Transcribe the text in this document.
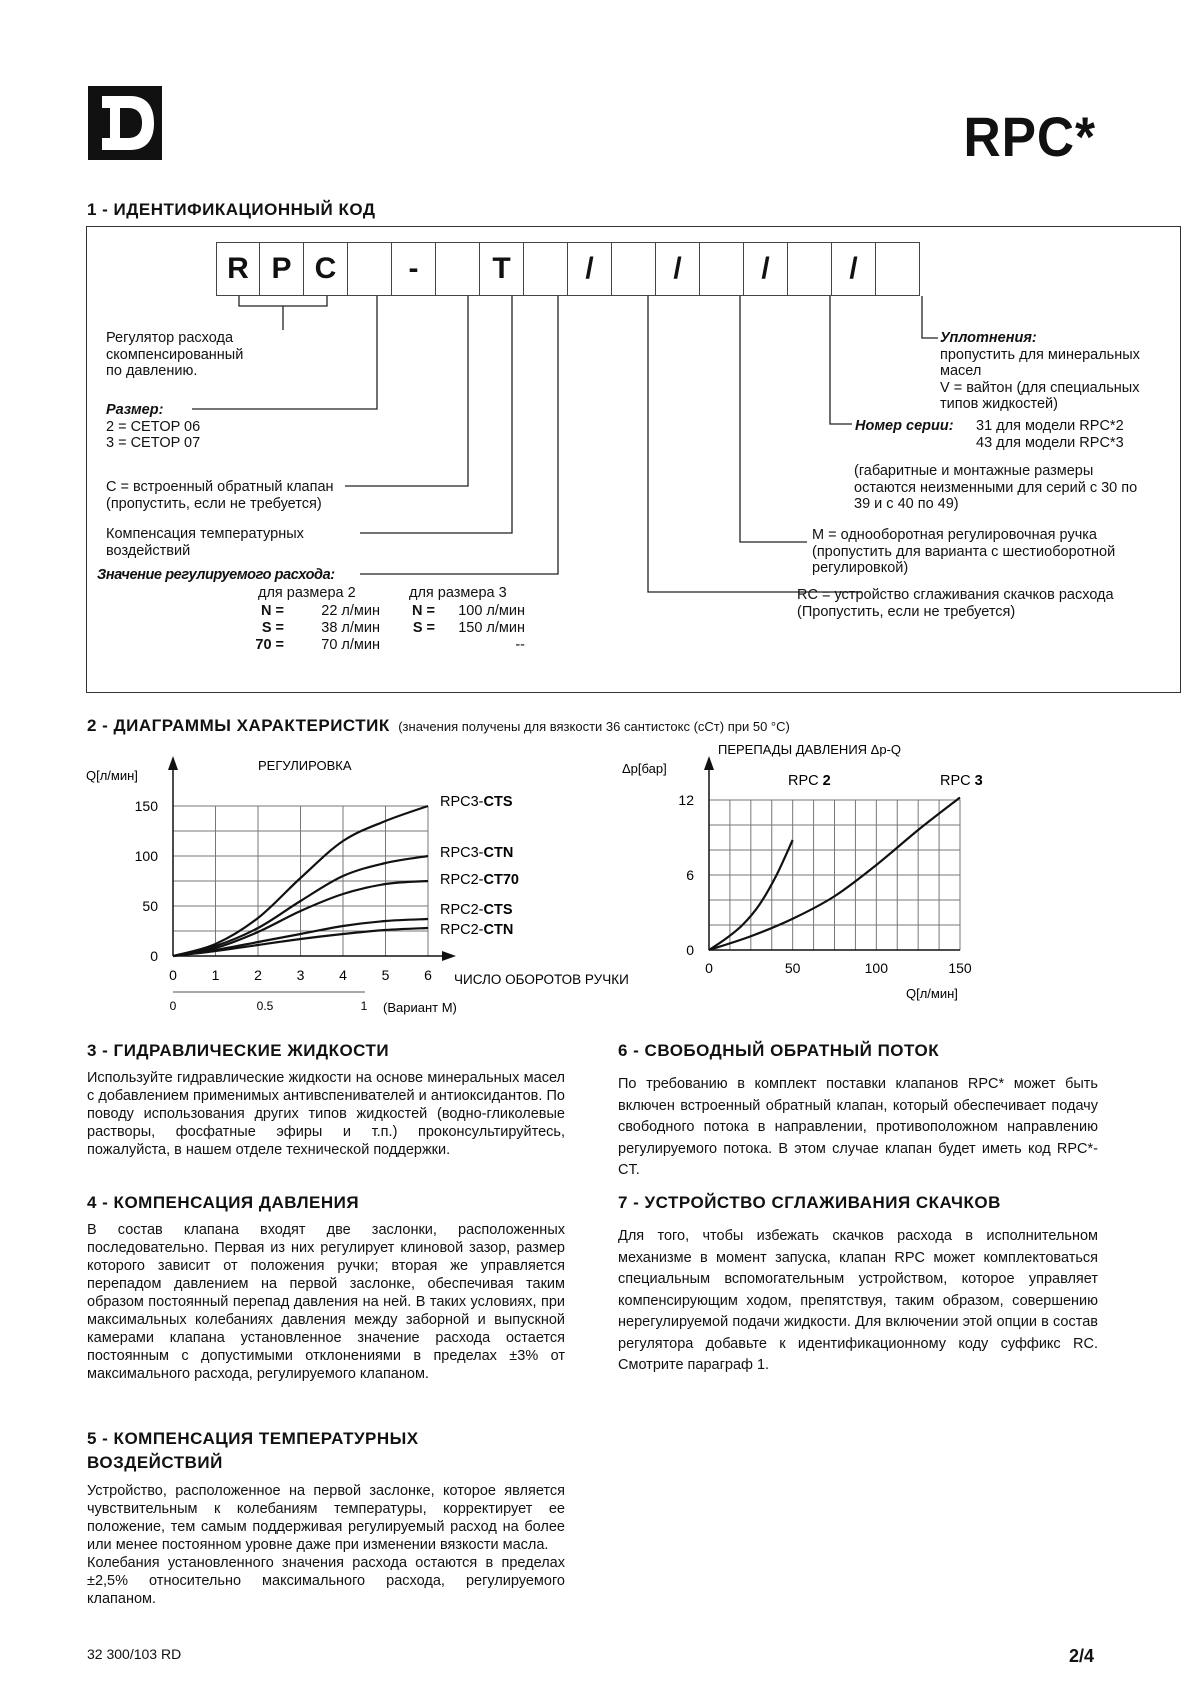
RPC*
1 - ИДЕНТИФИКАЦИОННЫЙ КОД
R P C	-	T	/	/	/	/
Регулятор расхода
скомпенсированный
по давлению.
Размер:
2 = CETOP 06
3 = CETOP 07
C = встроенный обратный клапан
(пропустить, если не требуется)
Компенсация температурных
воздействий
Значение регулируемого расхода:
для размера 2	для размера 3
N =	22 л/мин	N =	100 л/мин
S =	38 л/мин	S =	150 л/мин
70 =	70 л/мин	--
Уплотнения:
пропустить для минеральных
масел
V = вайтон (для специальных
типов жидкостей)
Номер серии: 31 для модели RPC*2
43 для модели RPC*3
(габаритные и монтажные размеры
остаются неизменными для серий с 30 по
39 и с 40 по 49)
M = однооборотная регулировочная ручка
(пропустить для варианта с шестиоборотной
регулировкой)
RC = устройство сглаживания скачков расхода
(Пропустить, если не требуется)
2 - ДИАГРАММЫ ХАРАКТЕРИСТИК (значения получены для вязкости 36 сантистокс (сСт) при 50 °C)
0 1 2 3 4 5 6
0
50
100
150
0	0.5	1 (Вариант M)
Q[л/мин]
РЕГУЛИРОВКА
ЧИСЛО ОБОРОТОВ РУЧКИ
RPC3-CTS
RPC3-CTN
RPC2-CT70
RPC2-CTS
RPC2-CTN
0	50	100	150
0
6
12
Δp[бар]
ПЕРЕПАДЫ ДАВЛЕНИЯ Δp-Q
Q[л/мин]
RPC 2	RPC 3
3 - ГИДРАВЛИЧЕСКИЕ ЖИДКОСТИ
Используйте гидравлические жидкости на основе минеральных масел с добавлением применимых антивспенивателей и антиоксидантов. По поводу использования других типов жидкостей (водно-гликолевые растворы, фосфатные эфиры и т.п.) проконсультируйтесь, пожалуйста, в нашем отделе технической поддержки.
4 - КОМПЕНСАЦИЯ ДАВЛЕНИЯ
В состав клапана входят две заслонки, расположенных последовательно. Первая из них регулирует клиновой зазор, размер которого зависит от положения ручки; вторая же управляется перепадом давлением на первой заслонке, обеспечивая таким образом постоянный перепад давления на ней. В таких условиях, при максимальных колебаниях давления между заборной и выпускной камерами клапана установленное значение расхода остается постоянным с допустимыми отклонениями в пределах ±3% от максимального расхода, регулируемого клапаном.
5 - КОМПЕНСАЦИЯ ТЕМПЕРАТУРНЫХ
ВОЗДЕЙСТВИЙ
Устройство, расположенное на первой заслонке, которое является чувствительным к колебаниям температуры, корректирует ее положение, тем самым поддерживая регулируемый расход на более или менее постоянном уровне даже при изменении вязкости масла.
Колебания установленного значения расхода остаются в пределах ±2,5% относительно максимального расхода, регулируемого клапаном.
6 - СВОБОДНЫЙ ОБРАТНЫЙ ПОТОК
По требованию в комплект поставки клапанов RPC* может быть включен встроенный обратный клапан, который обеспечивает подачу свободного потока в направлении, противоположном направлению регулируемого потока. В этом случае клапан будет иметь код RPC*-CT.
7 - УСТРОЙСТВО СГЛАЖИВАНИЯ СКАЧКОВ
Для того, чтобы избежать скачков расхода в исполнительном механизме в момент запуска, клапан RPC может комплектоваться специальным вспомогательным устройством, которое управляет компенсирующим ходом, препятствуя, таким образом, совершению нерегулируемой подачи жидкости. Для включении этой опции в состав регулятора добавьте к идентификационному коду суффикс RC. Смотрите параграф 1.
32 300/103 RD	2/4
